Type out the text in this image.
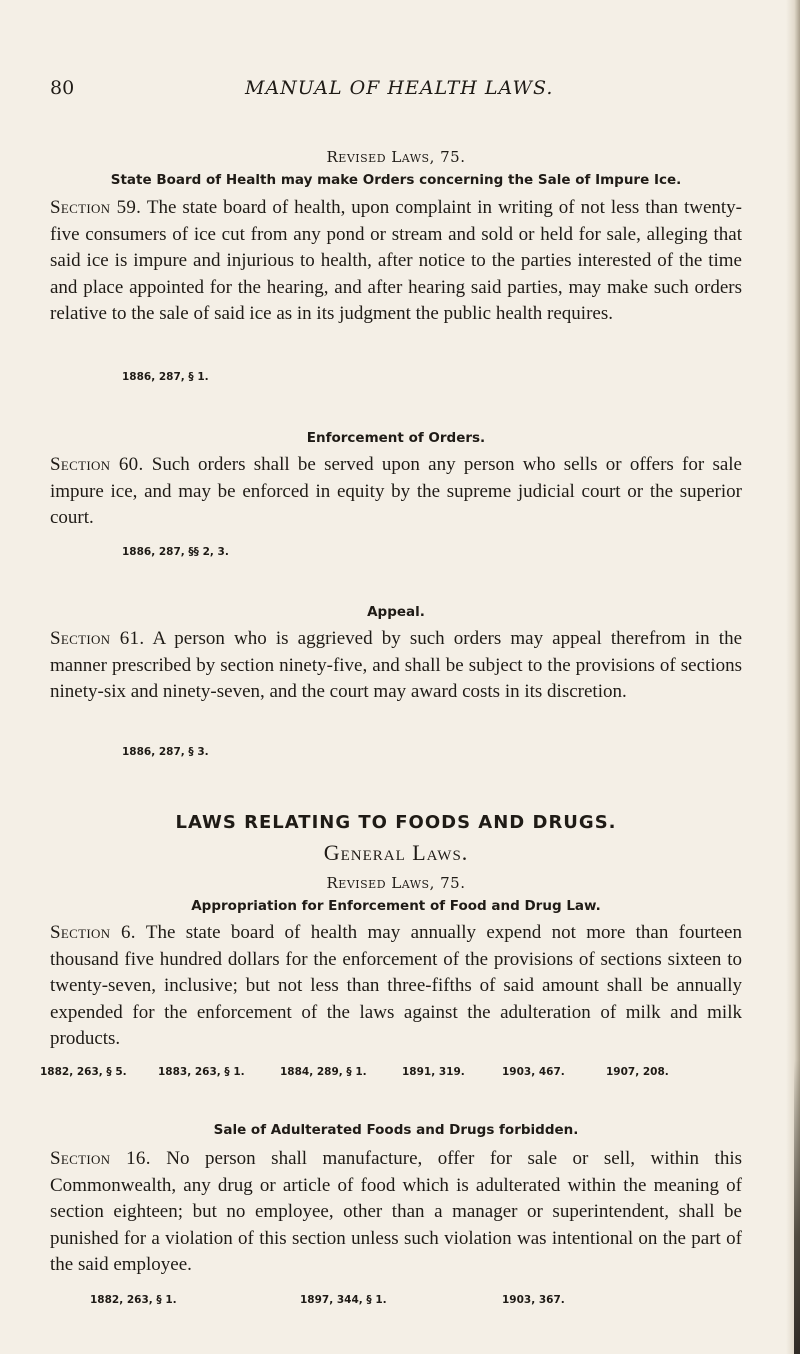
80	MANUAL OF HEALTH LAWS.
Revised Laws, 75.
State Board of Health may make Orders concerning the Sale of Impure Ice.
Section 59. The state board of health, upon complaint in writing of not less than twenty-five consumers of ice cut from any pond or stream and sold or held for sale, alleging that said ice is impure and injurious to health, after notice to the parties interested of the time and place appointed for the hearing, and after hearing said parties, may make such orders relative to the sale of said ice as in its judgment the public health requires.
1886, 287, § 1.
Enforcement of Orders.
Section 60. Such orders shall be served upon any person who sells or offers for sale impure ice, and may be enforced in equity by the supreme judicial court or the superior court.
1886, 287, §§ 2, 3.
Appeal.
Section 61. A person who is aggrieved by such orders may appeal therefrom in the manner prescribed by section ninety-five, and shall be subject to the provisions of sections ninety-six and ninety-seven, and the court may award costs in its discretion.
1886, 287, § 3.
LAWS RELATING TO FOODS AND DRUGS.
General Laws.
Revised Laws, 75.
Appropriation for Enforcement of Food and Drug Law.
Section 6. The state board of health may annually expend not more than fourteen thousand five hundred dollars for the enforcement of the provisions of sections sixteen to twenty-seven, inclusive; but not less than three-fifths of said amount shall be annually expended for the enforcement of the laws against the adulteration of milk and milk products.
1882, 263, § 5.	1883, 263, § 1.	1884, 289, § 1.	1891, 319.	1903, 467.	1907, 208.
Sale of Adulterated Foods and Drugs forbidden.
Section 16. No person shall manufacture, offer for sale or sell, within this Commonwealth, any drug or article of food which is adulterated within the meaning of section eighteen; but no employee, other than a manager or superintendent, shall be punished for a violation of this section unless such violation was intentional on the part of the said employee.
1882, 263, § 1.	1897, 344, § 1.	1903, 367.
